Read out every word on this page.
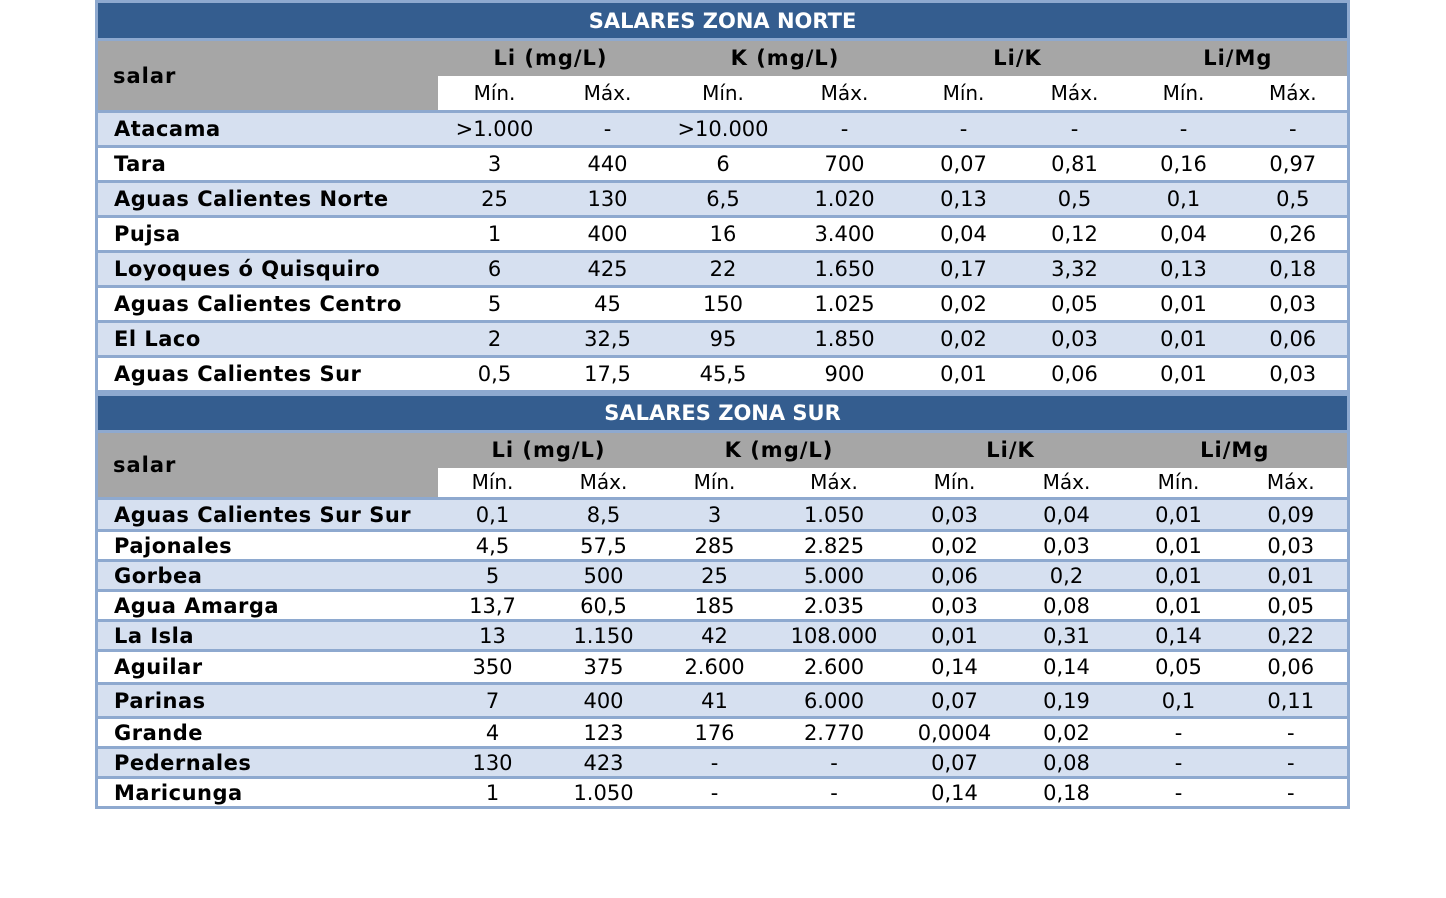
SALARES ZONA NORTE								
salar	Li (mg/L)		K (mg/L)		Li/K		Li/Mg	
	Mín.	Máx.	Mín.	Máx.	Mín.	Máx.	Mín.	Máx.
Atacama	>1.000	-	>10.000	-	-	-	-	-
Tara	3	440	6	700	0,07	0,81	0,16	0,97
Aguas Calientes Norte	25	130	6,5	1.020	0,13	0,5	0,1	0,5
Pujsa	1	400	16	3.400	0,04	0,12	0,04	0,26
Loyoques ó Quisquiro	6	425	22	1.650	0,17	3,32	0,13	0,18
Aguas Calientes Centro	5	45	150	1.025	0,02	0,05	0,01	0,03
El Laco	2	32,5	95	1.850	0,02	0,03	0,01	0,06
Aguas Calientes Sur	0,5	17,5	45,5	900	0,01	0,06	0,01	0,03
SALARES ZONA SUR								
salar	Li (mg/L)		K (mg/L)		Li/K		Li/Mg	
	Mín.	Máx.	Mín.	Máx.	Mín.	Máx.	Mín.	Máx.
Aguas Calientes Sur Sur	0,1	8,5	3	1.050	0,03	0,04	0,01	0,09
Pajonales	4,5	57,5	285	2.825	0,02	0,03	0,01	0,03
Gorbea	5	500	25	5.000	0,06	0,2	0,01	0,01
Agua Amarga	13,7	60,5	185	2.035	0,03	0,08	0,01	0,05
La Isla	13	1.150	42	108.000	0,01	0,31	0,14	0,22
Aguilar	350	375	2.600	2.600	0,14	0,14	0,05	0,06
Parinas	7	400	41	6.000	0,07	0,19	0,1	0,11
Grande	4	123	176	2.770	0,0004	0,02	-	-
Pedernales	130	423	-	-	0,07	0,08	-	-
Maricunga	1	1.050	-	-	0,14	0,18	-	-
